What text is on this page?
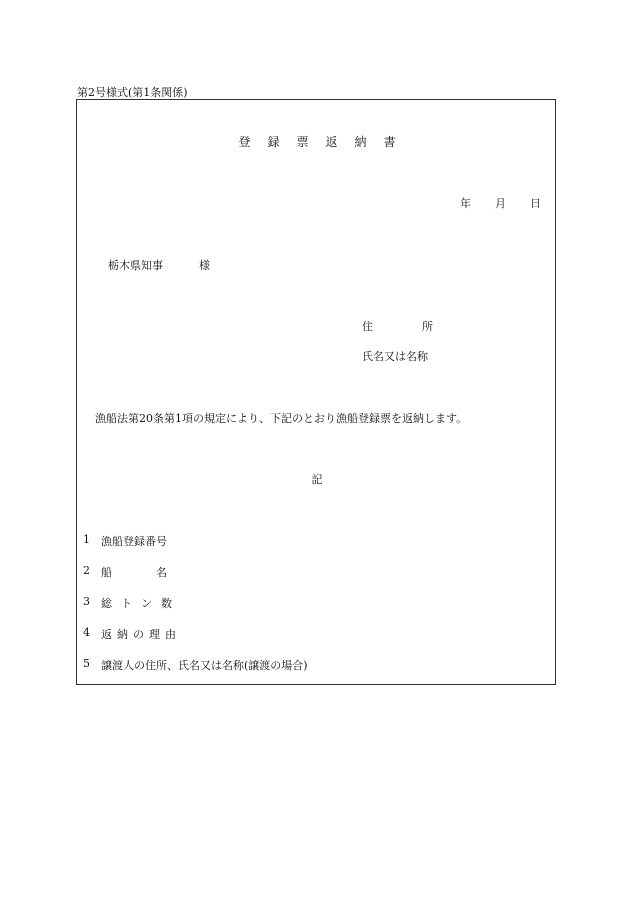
第2号様式(第1条関係)
登録票返納書
年 月 日
栃木県知事	様
住	所
氏名又は名称
漁船法第20条第1項の規定により、下記のとおり漁船登録票を返納します。
記
1	漁船登録番号
2	船	名
3	総 ト ン 数
4	返 納 の 理 由
5	譲渡人の住所、氏名又は名称(譲渡の場合)
